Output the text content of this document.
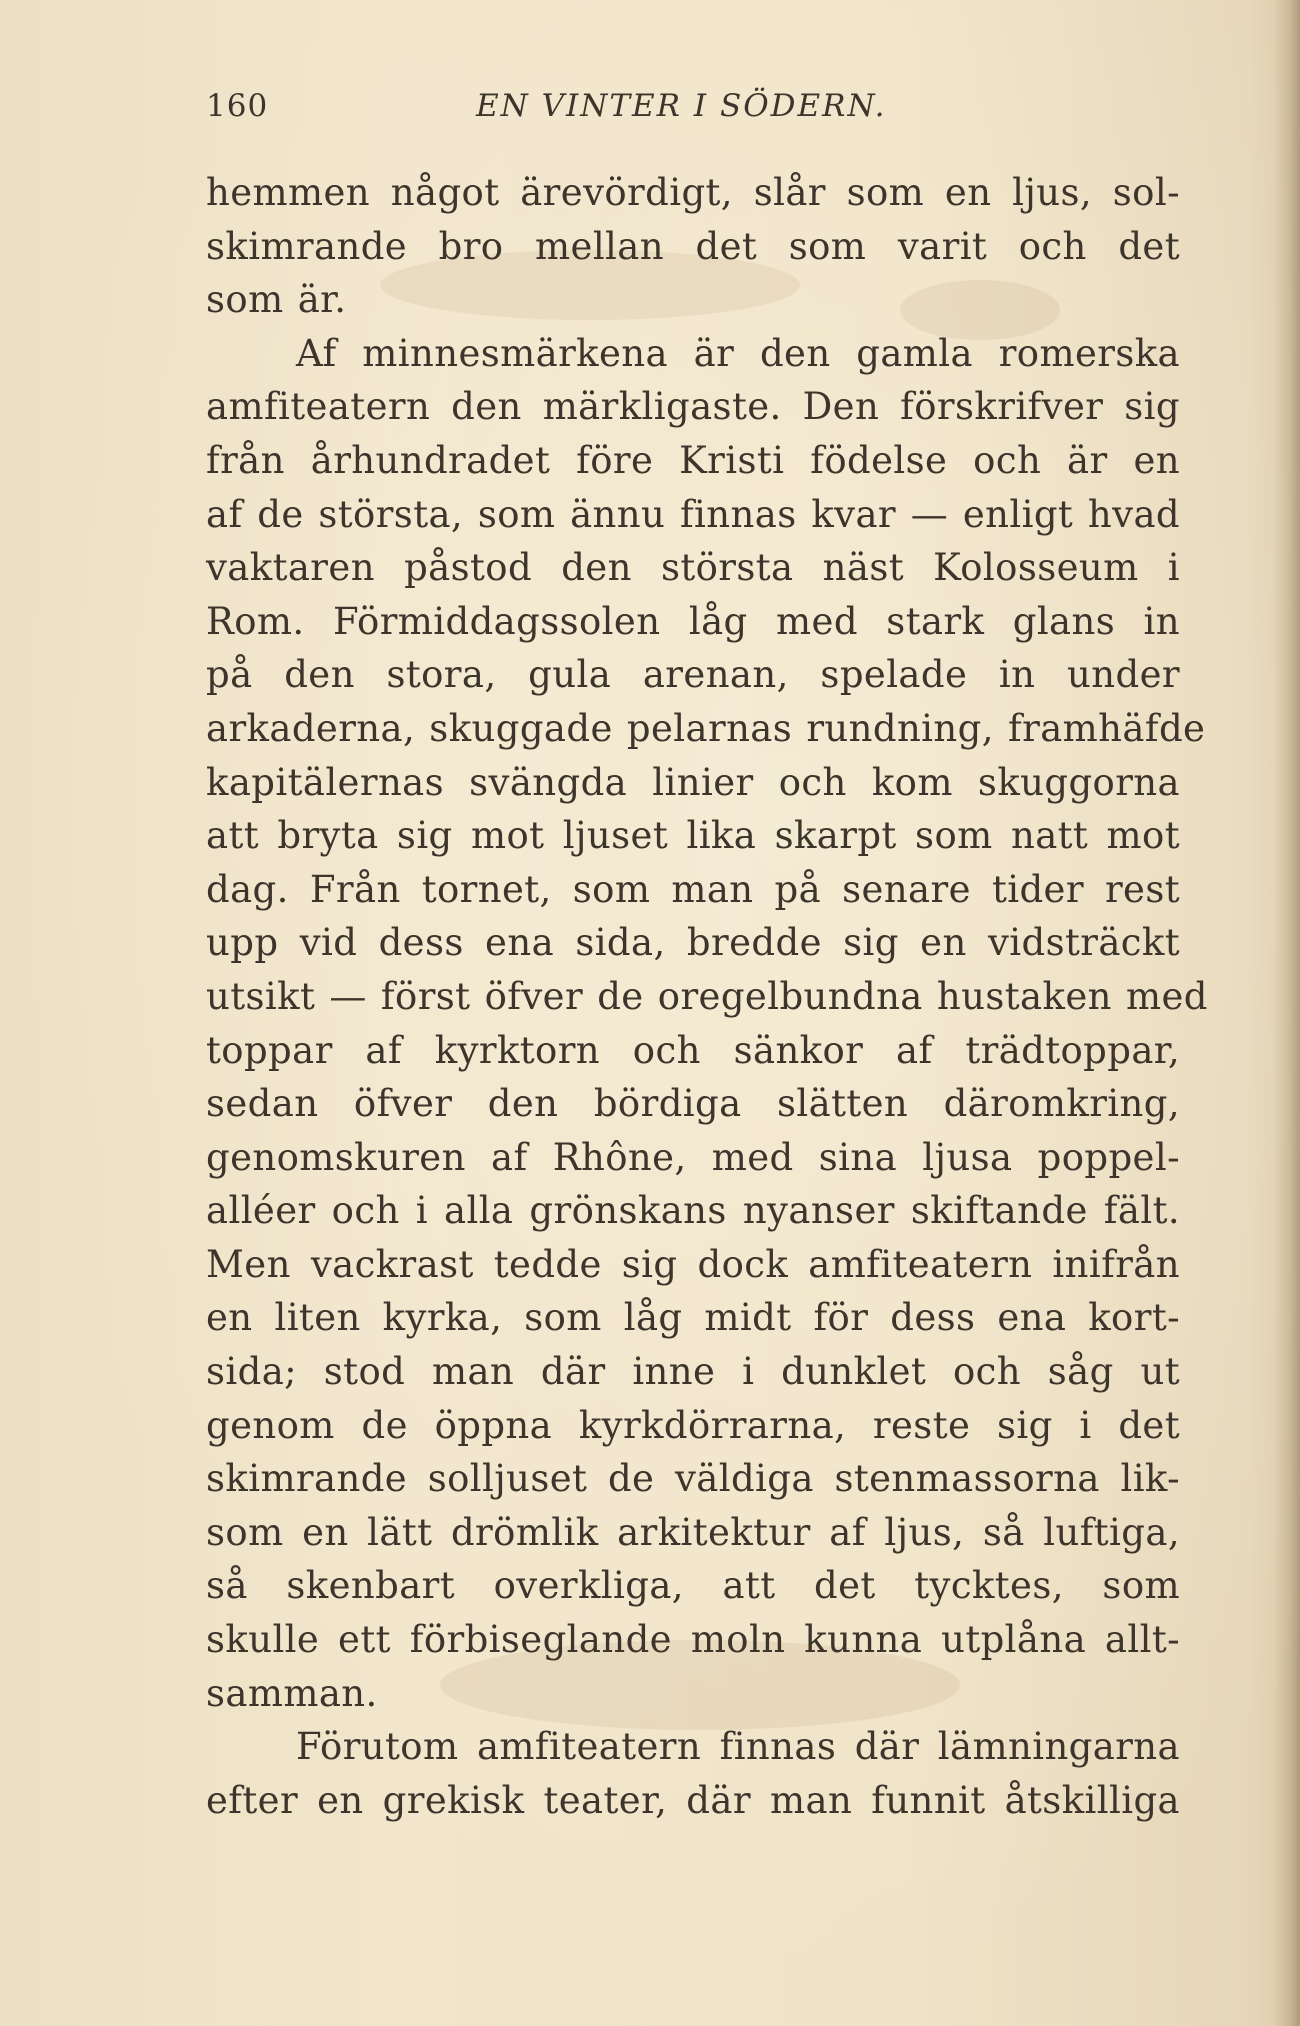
160	EN VINTER I SÖDERN.
hemmen något ärevördigt, slår som en ljus, sol-
skimrande bro mellan det som varit och det
som är.
Af minnesmärkena är den gamla romerska
amfiteatern den märkligaste. Den förskrifver sig
från århundradet före Kristi födelse och är en
af de största, som ännu finnas kvar — enligt hvad
vaktaren påstod den största näst Kolosseum i
Rom. Förmiddagssolen låg med stark glans in
på den stora, gula arenan, spelade in under
arkaderna, skuggade pelarnas rundning, framhäfde
kapitälernas svängda linier och kom skuggorna
att bryta sig mot ljuset lika skarpt som natt mot
dag. Från tornet, som man på senare tider rest
upp vid dess ena sida, bredde sig en vidsträckt
utsikt — först öfver de oregelbundna hustaken med
toppar af kyrktorn och sänkor af trädtoppar,
sedan öfver den bördiga slätten däromkring,
genomskuren af Rhône, med sina ljusa poppel-
alléer och i alla grönskans nyanser skiftande fält.
Men vackrast tedde sig dock amfiteatern inifrån
en liten kyrka, som låg midt för dess ena kort-
sida; stod man där inne i dunklet och såg ut
genom de öppna kyrkdörrarna, reste sig i det
skimrande solljuset de väldiga stenmassorna lik-
som en lätt drömlik arkitektur af ljus, så luftiga,
så skenbart overkliga, att det tycktes, som
skulle ett förbiseglande moln kunna utplåna allt-
samman.
Förutom amfiteatern finnas där lämningarna
efter en grekisk teater, där man funnit åtskilliga
